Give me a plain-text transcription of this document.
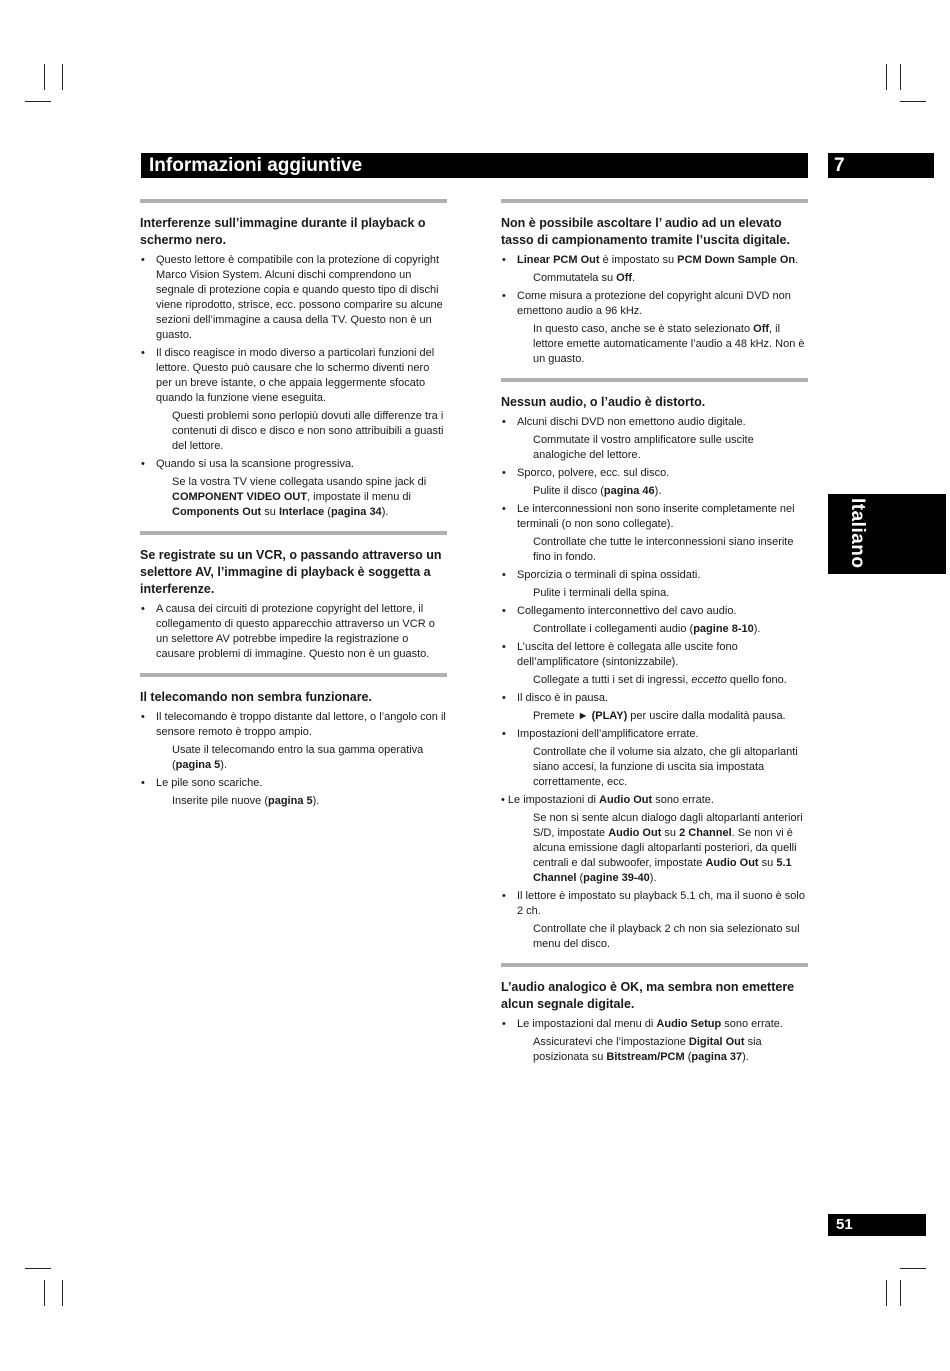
Informazioni aggiuntive	7
Italiano
51
Interferenze sull’immagine durante il playback o schermo nero.
• Questo lettore è compatibile con la protezione di copyright Marco Vision System. Alcuni dischi comprendono un segnale di protezione copia e quando questo tipo di dischi viene riprodotto, strisce, ecc. possono comparire su alcune sezioni dell’immagine a causa della TV. Questo non è un guasto.
• Il disco reagisce in modo diverso a particolari funzioni del lettore. Questo può causare che lo schermo diventi nero per un breve istante, o che appaia leggermente sfocato quando la funzione viene eseguita.
Questi problemi sono perlopiù dovuti alle differenze tra i contenuti di disco e disco e non sono attribuibili a guasti del lettore.
• Quando si usa la scansione progressiva.
Se la vostra TV viene collegata usando spine jack di COMPONENT VIDEO OUT, impostate il menu di Components Out su Interlace (pagina 34).
Se registrate su un VCR, o passando attraverso un selettore AV, l’immagine di playback è soggetta a interferenze.
• A causa dei circuiti di protezione copyright del lettore, il collegamento di questo apparecchio attraverso un VCR o un selettore AV potrebbe impedire la registrazione o causare problemi di immagine. Questo non è un guasto.
Il telecomando non sembra funzionare.
• Il telecomando è troppo distante dal lettore, o l’angolo con il sensore remoto è troppo ampio.
Usate il telecomando entro la sua gamma operativa (pagina 5).
• Le pile sono scariche.
Inserite pile nuove (pagina 5).
Non è possibile ascoltare l’ audio ad un elevato tasso di campionamento tramite l’uscita digitale.
• Linear PCM Out è impostato su PCM Down Sample On.
Commutatela su Off.
• Come misura a protezione del copyright alcuni DVD non emettono audio a 96 kHz.
In questo caso, anche se è stato selezionato Off, il lettore emette automaticamente l’audio a 48 kHz. Non è un guasto.
Nessun audio, o l’audio è distorto.
• Alcuni dischi DVD non emettono audio digitale.
Commutate il vostro amplificatore sulle uscite analogiche del lettore.
• Sporco, polvere, ecc. sul disco.
Pulite il disco (pagina 46).
• Le interconnessioni non sono inserite completamente nei terminali (o non sono collegate).
Controllate che tutte le interconnessioni siano inserite fino in fondo.
• Sporcizia o terminali di spina ossidati.
Pulite i terminali della spina.
• Collegamento interconnettivo del cavo audio.
Controllate i collegamenti audio (pagine 8-10).
• L’uscita del lettore è collegata alle uscite fono dell’amplificatore (sintonizzabile).
Collegate a tutti i set di ingressi, eccetto quello fono.
• Il disco è in pausa.
Premete ► (PLAY) per uscire dalla modalità pausa.
• Impostazioni dell’amplificatore errate.
Controllate che il volume sia alzato, che gli altoparlanti siano accesi, la funzione di uscita sia impostata correttamente, ecc.
• Le impostazioni di Audio Out sono errate.
Se non si sente alcun dialogo dagli altoparlanti anteriori S/D, impostate Audio Out su 2 Channel. Se non vi è alcuna emissione dagli altoparlanti posteriori, da quelli centrali e dal subwoofer, impostate Audio Out su 5.1 Channel (pagine 39-40).
• Il lettore è impostato su playback 5.1 ch, ma il suono è solo 2 ch.
Controllate che il playback 2 ch non sia selezionato sul menu del disco.
L’audio analogico è OK, ma sembra non emettere alcun segnale digitale.
• Le impostazioni dal menu di Audio Setup sono errate.
Assicuratevi che l’impostazione Digital Out sia posizionata su Bitstream/PCM (pagina 37).
